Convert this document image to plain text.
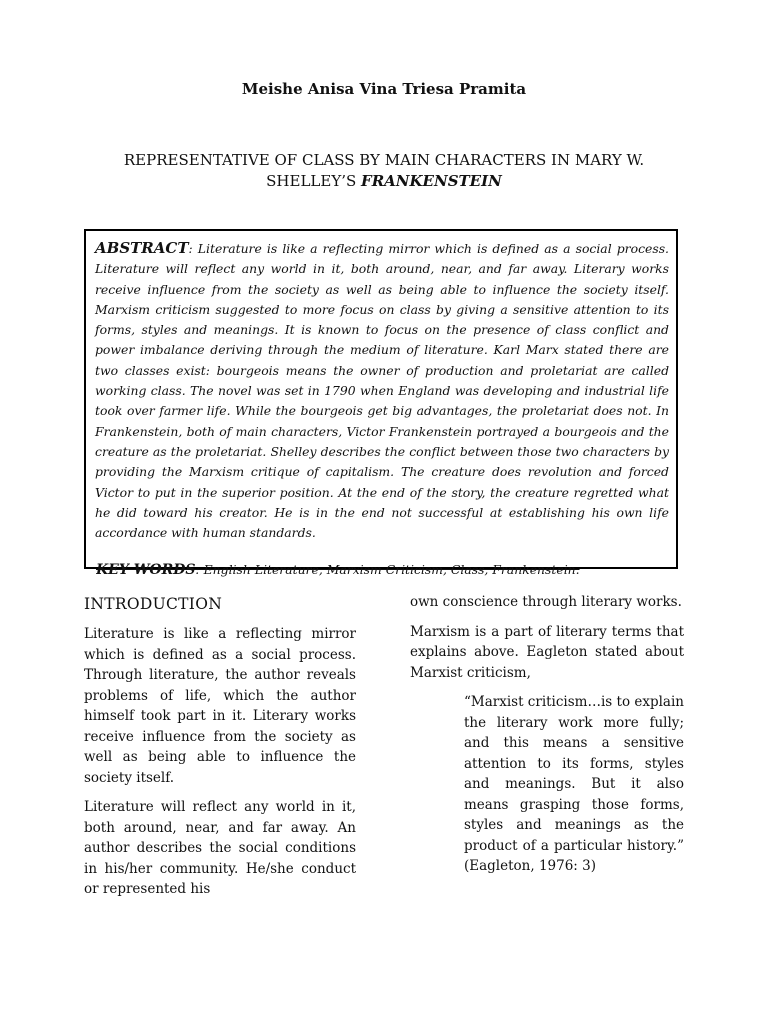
Meishe Anisa Vina Triesa Pramita
REPRESENTATIVE OF CLASS BY MAIN CHARACTERS IN MARY W. SHELLEY’S FRANKENSTEIN

ABSTRACT: Literature is like a reflecting mirror which is defined as a social process. Literature will reflect any world in it, both around, near, and far away. Literary works receive influence from the society as well as being able to influence the society itself. Marxism criticism suggested to more focus on class by giving a sensitive attention to its forms, styles and meanings. It is known to focus on the presence of class conflict and power imbalance deriving through the medium of literature. Karl Marx stated there are two classes exist: bourgeois means the owner of production and proletariat are called working class. The novel was set in 1790 when England was developing and industrial life took over farmer life. While the bourgeois get big advantages, the proletariat does not. In Frankenstein, both of main characters, Victor Frankenstein portrayed a bourgeois and the creature as the proletariat. Shelley describes the conflict between those two characters by providing the Marxism critique of capitalism. The creature does revolution and forced Victor to put in the superior position. At the end of the story, the creature regretted what he did toward his creator. He is in the end not successful at establishing his own life accordance with human standards.

KEY WORDS: English Literature, Marxism Criticism, Class, Frankenstein.
INTRODUCTION

Literature is like a reflecting mirror which is defined as a social process. Through literature, the author reveals problems of life, which the author himself took part in it. Literary works receive influence from the society as well as being able to influence the society itself.

Literature will reflect any world in it, both around, near, and far away. An author describes the social conditions in his/her community. He/she conduct or represented his

own conscience through literary works.

Marxism is a part of literary terms that explains above. Eagleton stated about Marxist criticism,

“Marxist criticism…is to explain the literary work more fully; and this means a sensitive attention to its forms, styles and meanings. But it also means grasping those forms, styles and meanings as the product of a particular history.” (Eagleton, 1976: 3)
